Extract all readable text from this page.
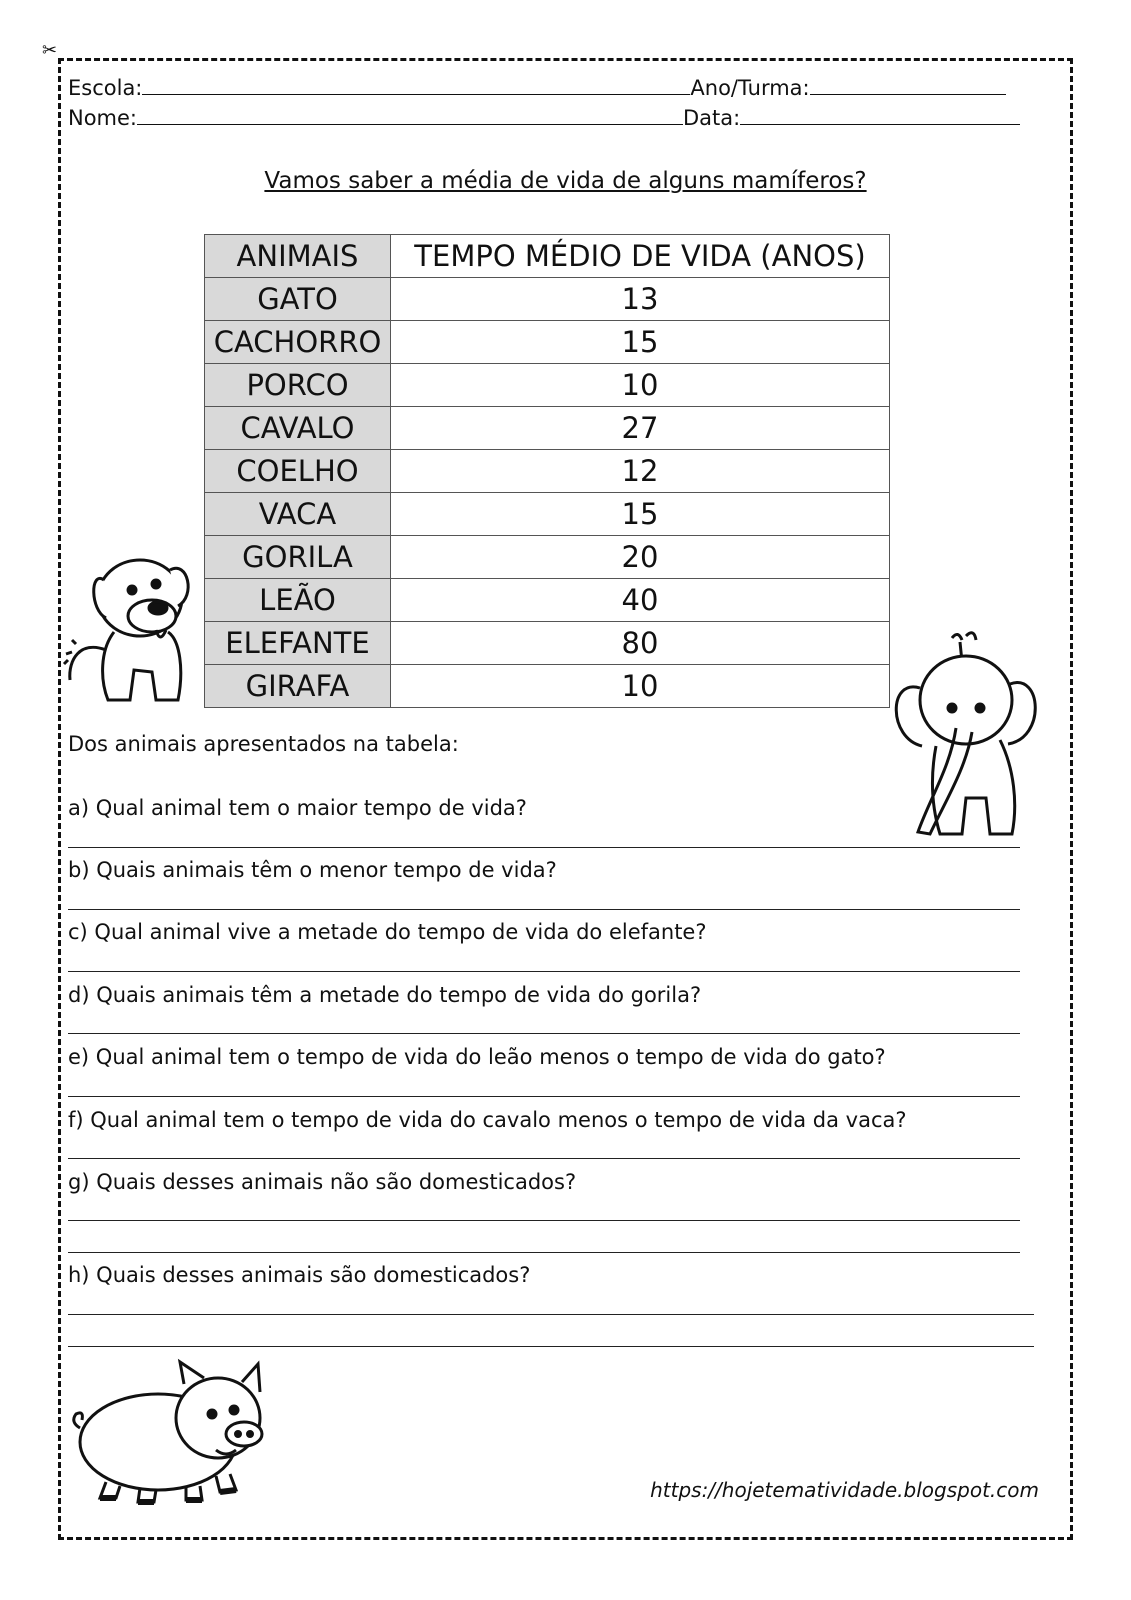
✂
Escola:	Ano/Turma:
Nome:	Data:
Vamos saber a média de vida de alguns mamíferos?
ANIMAIS	TEMPO MÉDIO DE VIDA (ANOS)
GATO	13
CACHORRO	15
PORCO	10
CAVALO	27
COELHO	12
VACA	15
GORILA	20
LEÃO	40
ELEFANTE	80
GIRAFA	10
Dos animais apresentados na tabela:
a) Qual animal tem o maior tempo de vida?
b) Quais animais têm o menor tempo de vida?
c) Qual animal vive a metade do tempo de vida do elefante?
d) Quais animais têm a metade do tempo de vida do gorila?
e) Qual animal tem o tempo de vida do leão menos o tempo de vida do gato?
f) Qual animal tem o tempo de vida do cavalo menos o tempo de vida da vaca?
g) Quais desses animais não são domesticados?
h) Quais desses animais são domesticados?
https://hojetematividade.blogspot.com
